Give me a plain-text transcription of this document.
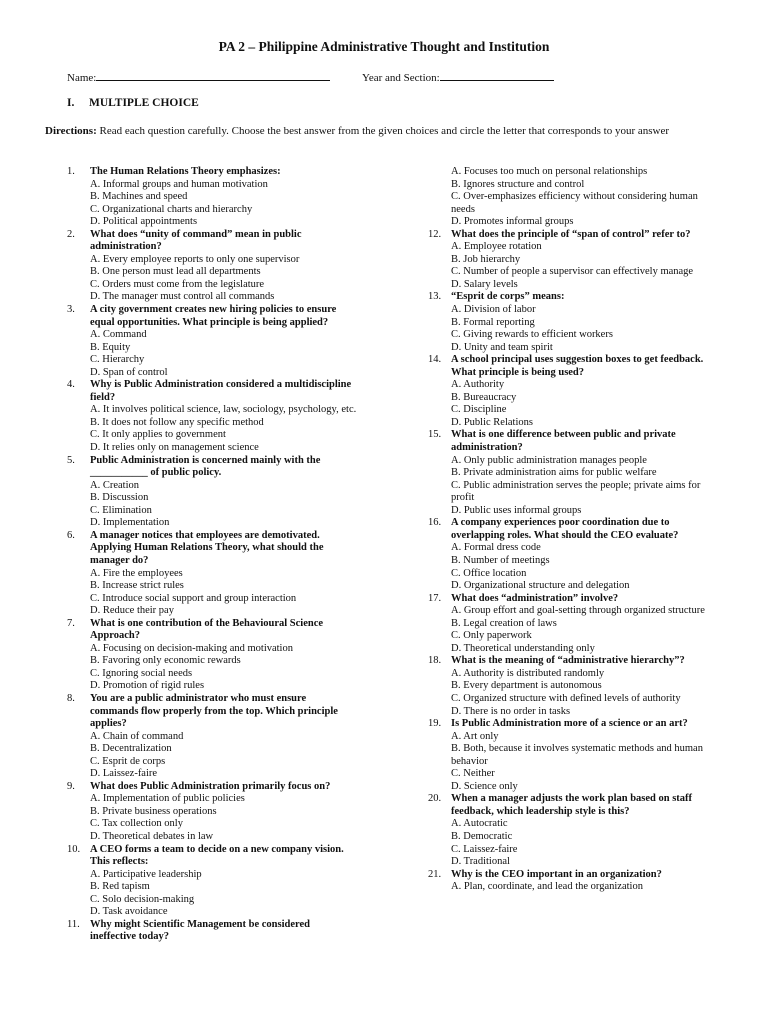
PA 2 – Philippine Administrative Thought and Institution
Name:	Year and Section:
I. MULTIPLE CHOICE
Directions: Read each question carefully. Choose the best answer from the given choices and circle the letter that corresponds to your answer
1. The Human Relations Theory emphasizes:
A. Informal groups and human motivation
B. Machines and speed
C. Organizational charts and hierarchy
D. Political appointments
2. What does “unity of command” mean in public administration?
A. Every employee reports to only one supervisor
B. One person must lead all departments
C. Orders must come from the legislature
D. The manager must control all commands
3. A city government creates new hiring policies to ensure equal opportunities. What principle is being applied?
A. Command
B. Equity
C. Hierarchy
D. Span of control
4. Why is Public Administration considered a multidiscipline field?
A. It involves political science, law, sociology, psychology, etc.
B. It does not follow any specific method
C. It only applies to government
D. It relies only on management science
5. Public Administration is concerned mainly with the ___________ of public policy.
A. Creation
B. Discussion
C. Elimination
D. Implementation
6. A manager notices that employees are demotivated. Applying Human Relations Theory, what should the manager do?
A. Fire the employees
B. Increase strict rules
C. Introduce social support and group interaction
D. Reduce their pay
7. What is one contribution of the Behavioural Science Approach?
A. Focusing on decision-making and motivation
B. Favoring only economic rewards
C. Ignoring social needs
D. Promotion of rigid rules
8. You are a public administrator who must ensure commands flow properly from the top. Which principle applies?
A. Chain of command
B. Decentralization
C. Esprit de corps
D. Laissez-faire
9. What does Public Administration primarily focus on?
A. Implementation of public policies
B. Private business operations
C. Tax collection only
D. Theoretical debates in law
10. A CEO forms a team to decide on a new company vision. This reflects:
A. Participative leadership
B. Red tapism
C. Solo decision-making
D. Task avoidance
11. Why might Scientific Management be considered ineffective today?
A. Focuses too much on personal relationships
B. Ignores structure and control
C. Over-emphasizes efficiency without considering human needs
D. Promotes informal groups
12. What does the principle of “span of control” refer to?
A. Employee rotation
B. Job hierarchy
C. Number of people a supervisor can effectively manage
D. Salary levels
13. “Esprit de corps” means:
A. Division of labor
B. Formal reporting
C. Giving rewards to efficient workers
D. Unity and team spirit
14. A school principal uses suggestion boxes to get feedback. What principle is being used?
A. Authority
B. Bureaucracy
C. Discipline
D. Public Relations
15. What is one difference between public and private administration?
A. Only public administration manages people
B. Private administration aims for public welfare
C. Public administration serves the people; private aims for profit
D. Public uses informal groups
16. A company experiences poor coordination due to overlapping roles. What should the CEO evaluate?
A. Formal dress code
B. Number of meetings
C. Office location
D. Organizational structure and delegation
17. What does “administration” involve?
A. Group effort and goal-setting through organized structure
B. Legal creation of laws
C. Only paperwork
D. Theoretical understanding only
18. What is the meaning of “administrative hierarchy”?
A. Authority is distributed randomly
B. Every department is autonomous
C. Organized structure with defined levels of authority
D. There is no order in tasks
19. Is Public Administration more of a science or an art?
A. Art only
B. Both, because it involves systematic methods and human behavior
C. Neither
D. Science only
20. When a manager adjusts the work plan based on staff feedback, which leadership style is this?
A. Autocratic
B. Democratic
C. Laissez-faire
D. Traditional
21. Why is the CEO important in an organization?
A. Plan, coordinate, and lead the organization
